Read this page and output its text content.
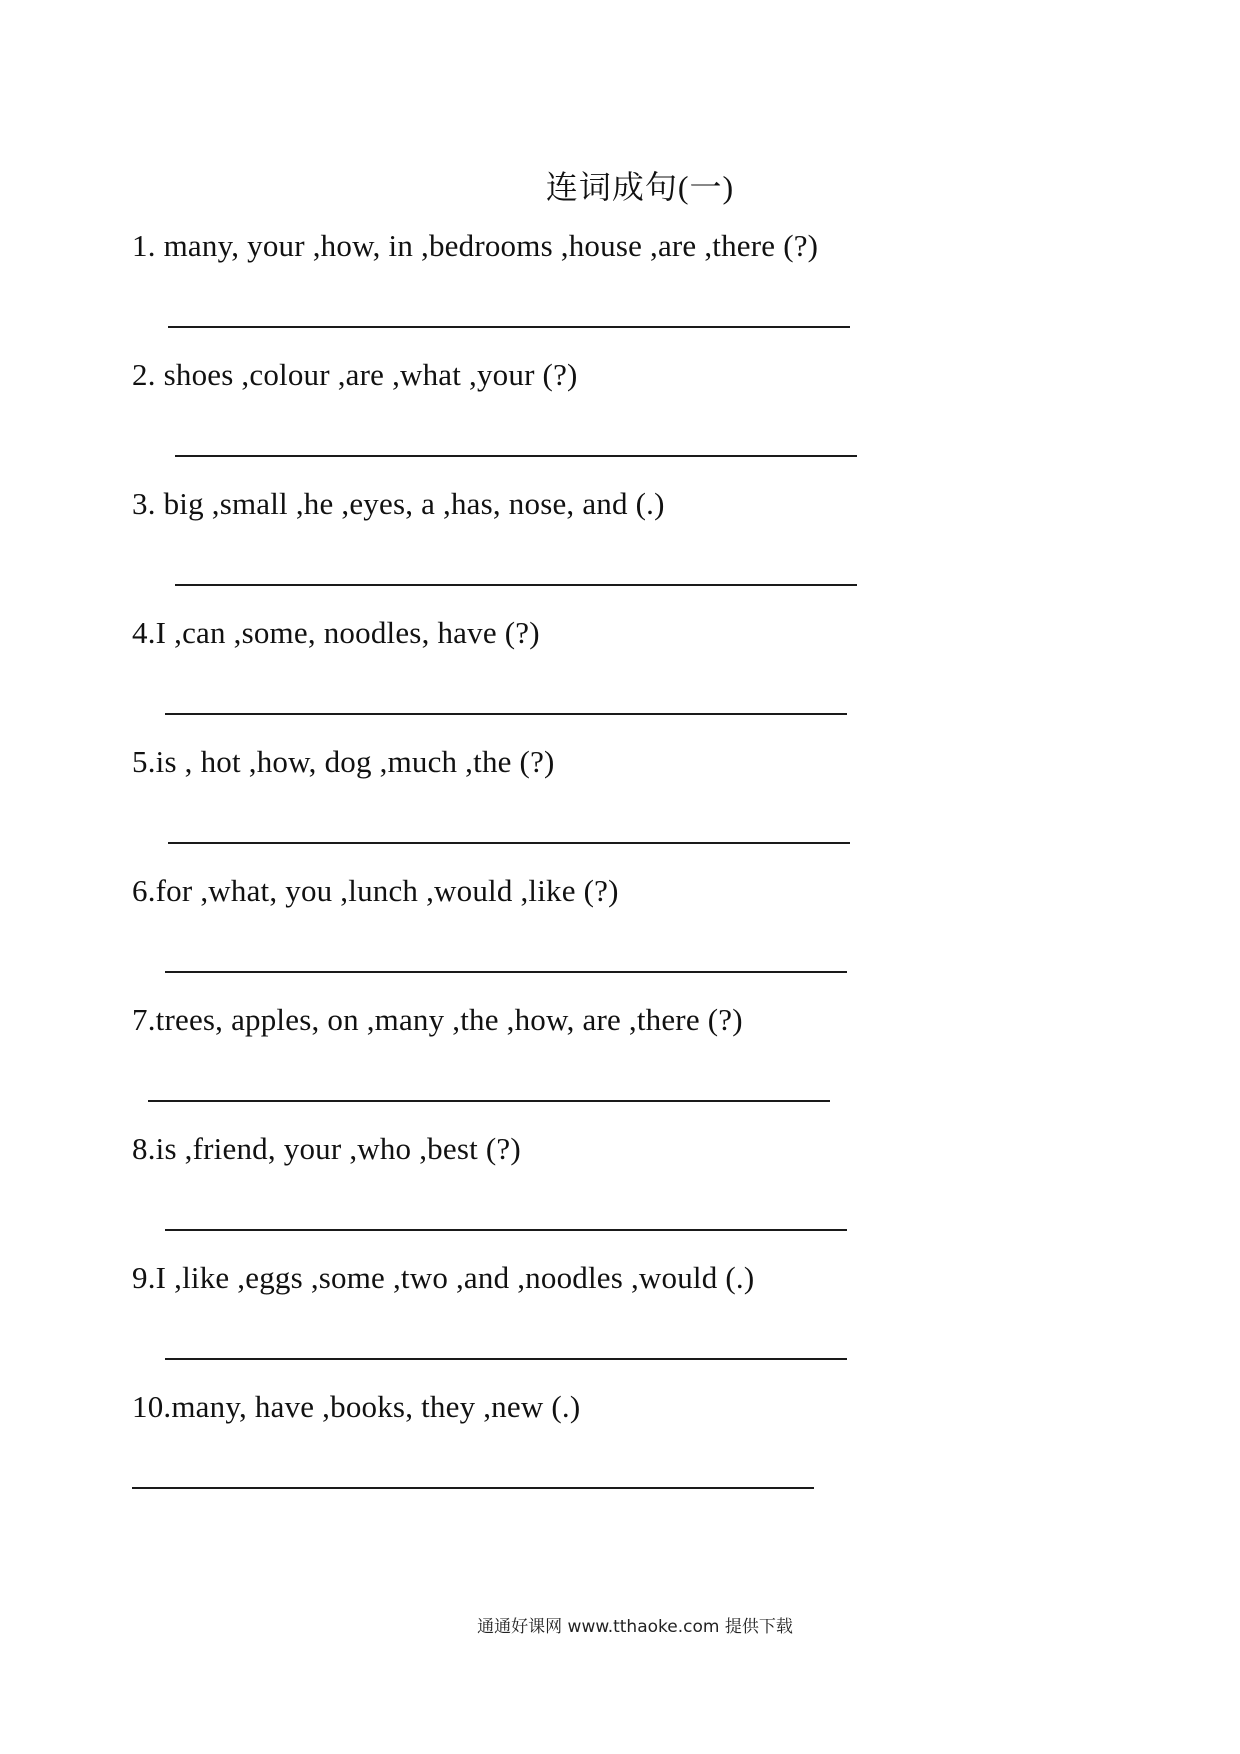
连词成句(一)
1. many, your ,how, in ,bedrooms ,house ,are ,there (?)
2. shoes ,colour ,are ,what ,your (?)
3. big ,small ,he ,eyes, a ,has, nose, and (.)
4.I ,can ,some, noodles, have (?)
5.is , hot ,how, dog ,much ,the (?)
6.for ,what, you ,lunch ,would ,like (?)
7.trees, apples, on ,many ,the ,how, are ,there (?)
8.is ,friend, your ,who ,best (?)
9.I ,like ,eggs ,some ,two ,and ,noodles ,would (.)
10.many, have ,books, they ,new (.)
通通好课网 www.tthaoke.com 提供下载
